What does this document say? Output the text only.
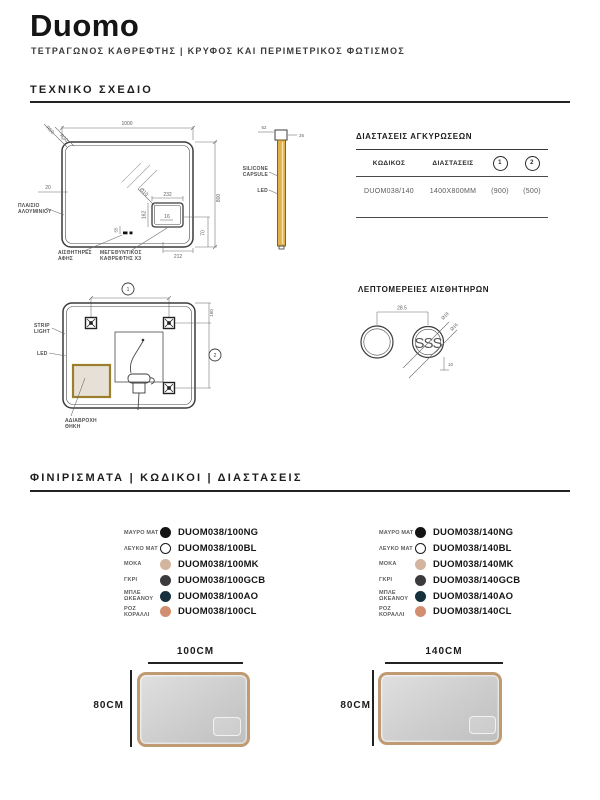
Duomo
ΤΕΤΡΑΓΩΝΟΣ ΚΑΘΡΕΦΤΗΣ | ΚΡΥΦΟΣ ΚΑΙ ΠΕΡΙΜΕΤΡΙΚΟΣ ΦΩΤΙΣΜΟΣ
ΤΕΧΝΙΚΟ ΣΧΕΔΙΟ
1000
R50
R30
800
20
ΠΛΑΙΣΙΟ
ΑΛΟΥΜΙΝΙΟΥ
232
162
Ø10
16
70
212
55
ΑΙΣΘΗΤΗΡΕΣ
ΑΦΗΣ
ΜΕΓΕΘΥΝΤΙΚΟΣ
ΚΑΘΡΕΦΤΗΣ X3
52
26
SILICONE
CAPSULE
LED
ΔΙΑΣΤΑΣΕΙΣ ΑΓΚΥΡΩΣΕΩΝ
ΚΩΔΙΚΟΣ	ΔΙΑΣΤΑΣΕΙΣ	1	2
DUOM038/140	1400X800MM	(900)	(500)
1
160
2
ΑΔΙΑΒΡΟΧΗ
ΘΗΚΗ
STRIP
LIGHT
LED
ΛΕΠΤΟΜΕΡΕΙΕΣ ΑΙΣΘΗΤΗΡΩΝ
SSS
28.5
Ø18
Ø16
10
ΦΙΝΙΡΙΣΜΑΤΑ | ΚΩΔΙΚΟΙ | ΔΙΑΣΤΑΣΕΙΣ
ΜΑΥΡΟ ΜΑΤ DUOM038/100NG
ΛΕΥΚΟ ΜΑΤ DUOM038/100BL
ΜΟΚΑ	DUOM038/100MK
ΓΚΡΙ	DUOM038/100GCB
ΜΠΛΕ ΩΚΕΑΝΟΥ	DUOM038/100AO
ΡΟΖ ΚΟΡΑΛΛΙ	DUOM038/100CL
ΜΑΥΡΟ ΜΑΤ DUOM038/140NG
ΛΕΥΚΟ ΜΑΤ DUOM038/140BL
ΜΟΚΑ	DUOM038/140MK
ΓΚΡΙ	DUOM038/140GCB
ΜΠΛΕ ΩΚΕΑΝΟΥ	DUOM038/140AO
ΡΟΖ ΚΟΡΑΛΛΙ	DUOM038/140CL
100CM
80CM
140CM
80CM
